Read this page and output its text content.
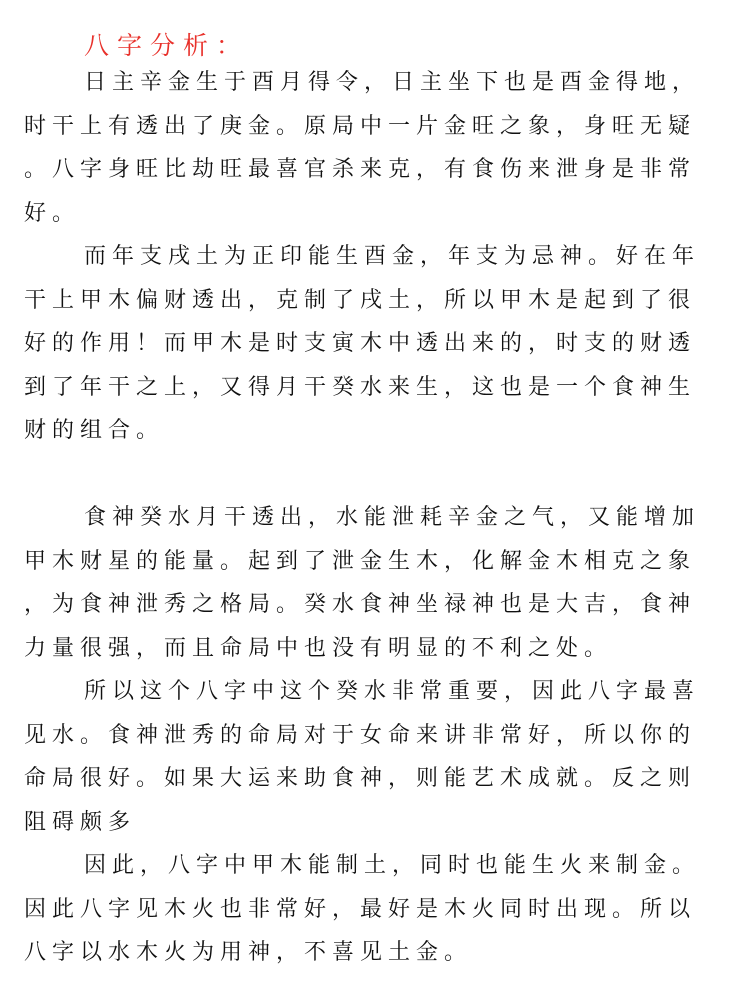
八字分析：
日主辛金生于酉月得令，日主坐下也是酉金得地，
时干上有透出了庚金。原局中一片金旺之象，身旺无疑
。八字身旺比劫旺最喜官杀来克，有食伤来泄身是非常
好。
而年支戌土为正印能生酉金，年支为忌神。好在年
干上甲木偏财透出，克制了戌土，所以甲木是起到了很
好的作用！而甲木是时支寅木中透出来的，时支的财透
到了年干之上，又得月干癸水来生，这也是一个食神生
财的组合。
食神癸水月干透出，水能泄耗辛金之气，又能增加
甲木财星的能量。起到了泄金生木，化解金木相克之象
，为食神泄秀之格局。癸水食神坐禄神也是大吉，食神
力量很强，而且命局中也没有明显的不利之处。
所以这个八字中这个癸水非常重要，因此八字最喜
见水。食神泄秀的命局对于女命来讲非常好，所以你的
命局很好。如果大运来助食神，则能艺术成就。反之则
阻碍颇多
因此，八字中甲木能制土，同时也能生火来制金。
因此八字见木火也非常好，最好是木火同时出现。所以
八字以水木火为用神，不喜见土金。
